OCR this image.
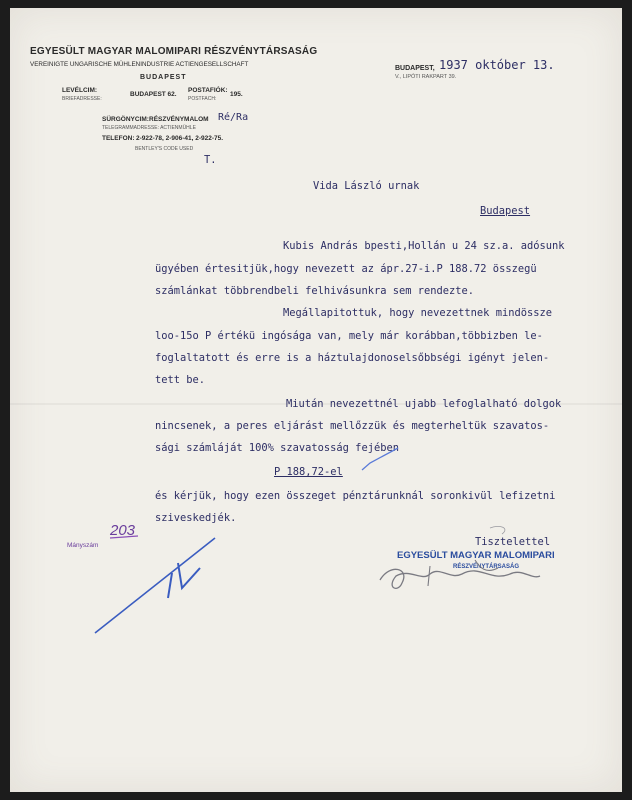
EGYESÜLT MAGYAR MALOMIPARI RÉSZVÉNYTÁRSASÁG
VEREINIGTE UNGARISCHE MÜHLENINDUSTRIE ACTIENGESELLSCHAFT
BUDAPEST
LEVÉLCIM:
BRIEFADRESSE:
BUDAPEST 62.
POSTAFIÓK:
POSTFACH:
195.
SÜRGÖNYCIM: RÉSZVÉNYMALOM
TELEGRAMMADRESSE: ACTIENMÜHLE
TELEFON: 2-922-78, 2-906-41, 2-922-75.
BENTLEY'S CODE USED
Ré/Ra
BUDAPEST, 1937 október 13.
V., LIPÓTI RAKPART 39.
T.
Vida László urnak
Budapest
Kubis András bpesti,Hollán u 24 sz.a. adósunk
ügyében értesitjük,hogy nevezett az ápr.27-i.P 188.72 összegü
számlánkat többrendbeli felhivásunkra sem rendezte.
Megállapitottuk, hogy nevezettnek mindössze
loo-15o P értékü ingósága van, mely már korábban,többizben le-
foglaltatott és erre is a háztulajdonoselsőbbségi igényt jelen-
tett be.
Miután nevezettnél ujabb lefoglalható dolgok
nincsenek, a peres eljárást mellőzzük és megterheltük szavatos-
sági számláját 100% szavatosság fejében
P 188,72-el
és kérjük, hogy ezen összeget pénztárunknál soronkivül lefizetni
sziveskedjék.
Tisztelettel
EGYESÜLT MAGYAR MALOMIPARI
RÉSZVÉNYTÁRSASÁG
Mányszám
203
